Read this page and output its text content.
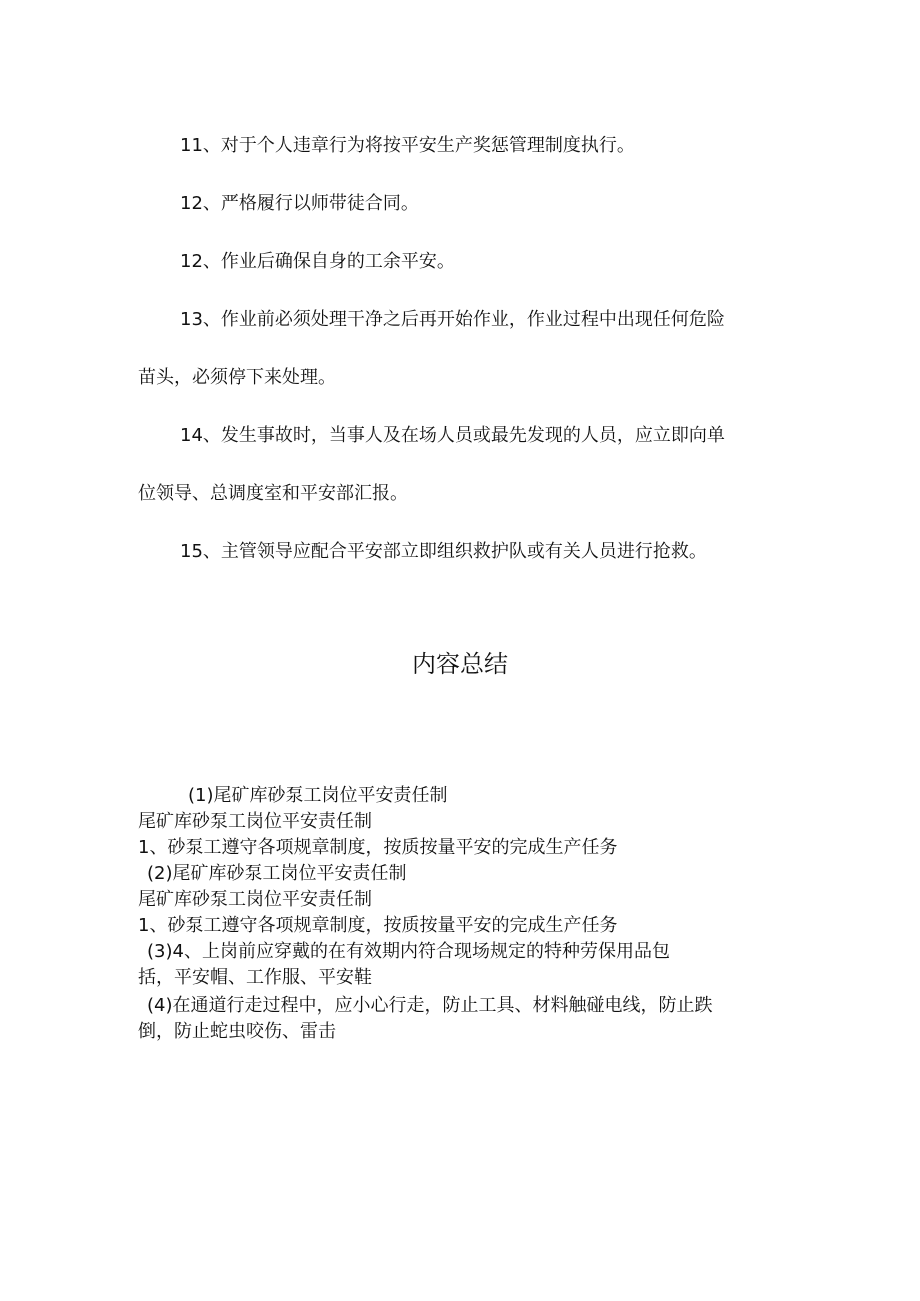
11、对于个人违章行为将按平安生产奖惩管理制度执行。

12、严格履行以师带徒合同。

12、作业后确保自身的工余平安。

13、作业前必须处理干净之后再开始作业，作业过程中出现任何危险

苗头，必须停下来处理。

14、发生事故时，当事人及在场人员或最先发现的人员，应立即向单

位领导、总调度室和平安部汇报。

15、主管领导应配合平安部立即组织救护队或有关人员进行抢救。

内容总结

(1)尾矿库砂泵工岗位平安责任制

尾矿库砂泵工岗位平安责任制

1、砂泵工遵守各项规章制度，按质按量平安的完成生产任务

(2)尾矿库砂泵工岗位平安责任制

尾矿库砂泵工岗位平安责任制

1、砂泵工遵守各项规章制度，按质按量平安的完成生产任务

(3)4、上岗前应穿戴的在有效期内符合现场规定的特种劳保用品包

括，平安帽、工作服、平安鞋

(4)在通道行走过程中，应小心行走，防止工具、材料触碰电线，防止跌

倒，防止蛇虫咬伤、雷击
